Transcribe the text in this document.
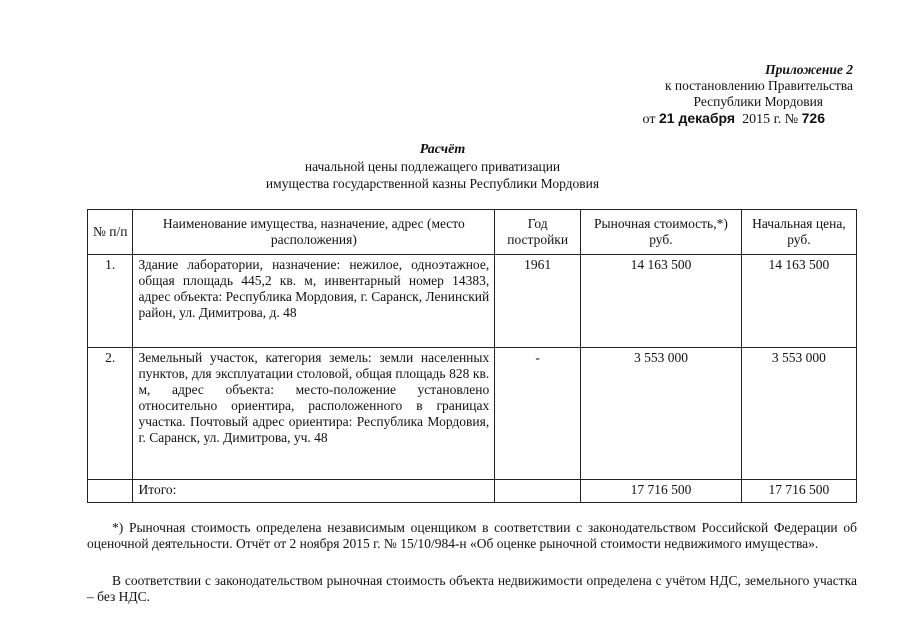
Приложение 2
к постановлению Правительства
Республики Мордовия
от 21 декабря 2015 г. № 726
Расчёт
начальной цены подлежащего приватизации
имущества государственной казны Республики Мордовия
№ п/п	Наименование имущества, назначение, адрес (место расположения)	Год постройки	Рыночная стоимость,*) руб.	Начальная цена, руб.
1.	Здание лаборатории, назначение: нежилое, одноэтажное, общая площадь 445,2 кв. м, инвентарный номер 14383, адрес объекта: Республика Мордовия, г. Саранск, Ленинский район, ул. Димитрова, д. 48	1961	14 163 500	14 163 500
2.	Земельный участок, категория земель: земли населенных пунктов, для эксплуатации столовой, общая площадь 828 кв. м, адрес объекта: место-положение установлено относительно ориентира, расположенного в границах участка. Почтовый адрес ориентира: Республика Мордовия, г. Саранск, ул. Димитрова, уч. 48	-	3 553 000	3 553 000
	Итого:		17 716 500	17 716 500
*) Рыночная стоимость определена независимым оценщиком в соответствии с законодательством Российской Федерации об оценочной деятельности. Отчёт от 2 ноября 2015 г. № 15/10/984-н «Об оценке рыночной стоимости недвижимого имущества».
В соответствии с законодательством рыночная стоимость объекта недвижимости определена с учётом НДС, земельного участка – без НДС.
